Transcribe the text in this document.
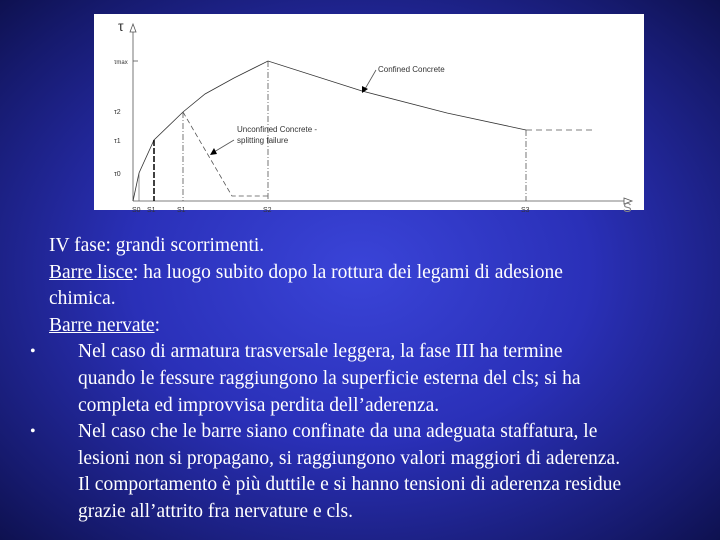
τ
S
τmax
τ2
τ1
τ0
S0 S1	S1	S2	S3
Confined Concrete
Unconfined Concrete -
splitting failure
IV fase: grandi scorrimenti.
Barre lisce: ha luogo subito dopo la rottura dei legami di adesione
chimica.
Barre nervate:
• Nel caso di armatura trasversale leggera, la fase III ha termine
quando le fessure raggiungono la superficie esterna del cls; si ha
completa ed improvvisa perdita dell’aderenza.
• Nel caso che le barre siano confinate da una adeguata staffatura, le
lesioni non si propagano, si raggiungono valori maggiori di aderenza.
Il comportamento è più duttile e si hanno tensioni di aderenza residue
grazie all’attrito fra nervature e cls.
